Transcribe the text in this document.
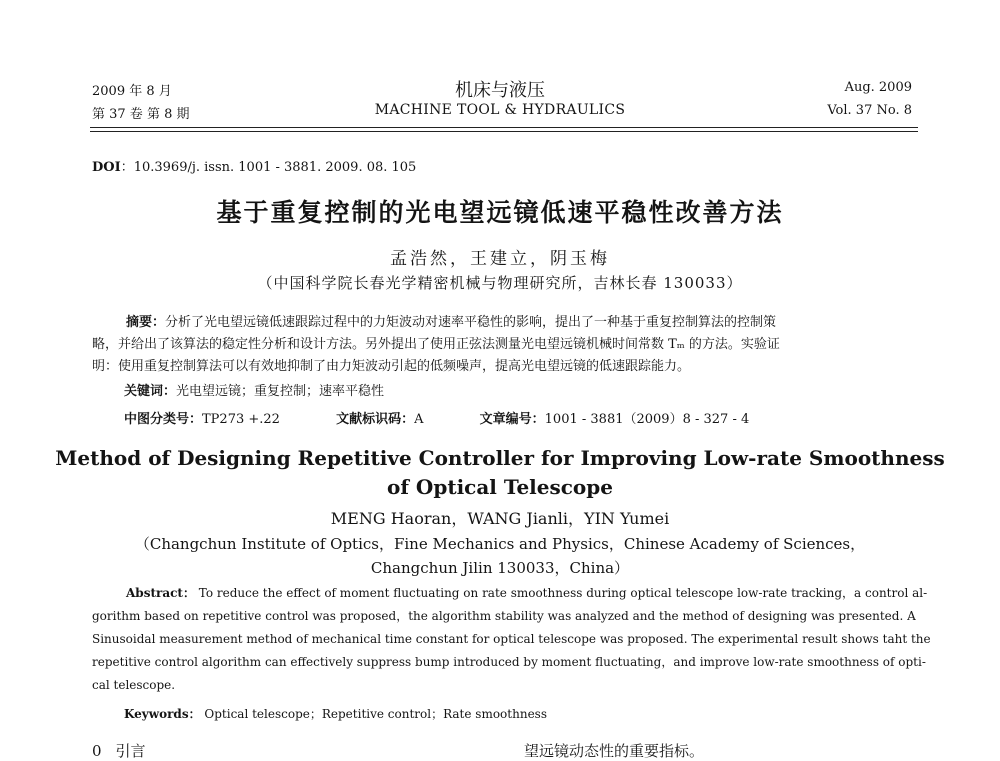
2009 年 8 月
第 37 卷 第 8 期
机床与液压
MACHINE TOOL & HYDRAULICS
Aug. 2009
Vol. 37 No. 8
DOI：10.3969/j. issn. 1001 - 3881. 2009. 08. 105
基于重复控制的光电望远镜低速平稳性改善方法
孟浩然，王建立，阴玉梅
（中国科学院长春光学精密机械与物理研究所，吉林长春 130033）
摘要：分析了光电望远镜低速跟踪过程中的力矩波动对速率平稳性的影响，提出了一种基于重复控制算法的控制策
略，并给出了该算法的稳定性分析和设计方法。另外提出了使用正弦法测量光电望远镜机械时间常数 Tₘ 的方法。实验证
明：使用重复控制算法可以有效地抑制了由力矩波动引起的低频噪声，提高光电望远镜的低速跟踪能力。
关键词：光电望远镜；重复控制；速率平稳性
中图分类号：TP273 +.22	文献标识码：A	文章编号：1001 - 3881（2009）8 - 327 - 4
Method of Designing Repetitive Controller for Improving Low-rate Smoothness
of Optical Telescope
MENG Haoran，WANG Jianli，YIN Yumei
（Changchun Institute of Optics，Fine Mechanics and Physics，Chinese Academy of Sciences，
Changchun Jilin 130033，China）
Abstract： To reduce the effect of moment fluctuating on rate smoothness during optical telescope low-rate tracking，a control al-
gorithm based on repetitive control was proposed，the algorithm stability was analyzed and the method of designing was presented. A
Sinusoidal measurement method of mechanical time constant for optical telescope was proposed. The experimental result shows taht the
repetitive control algorithm can effectively suppress bump introduced by moment fluctuating，and improve low-rate smoothness of opti-
cal telescope.
Keywords： Optical telescope；Repetitive control；Rate smoothness
0 引言	望远镜动态性的重要指标。
